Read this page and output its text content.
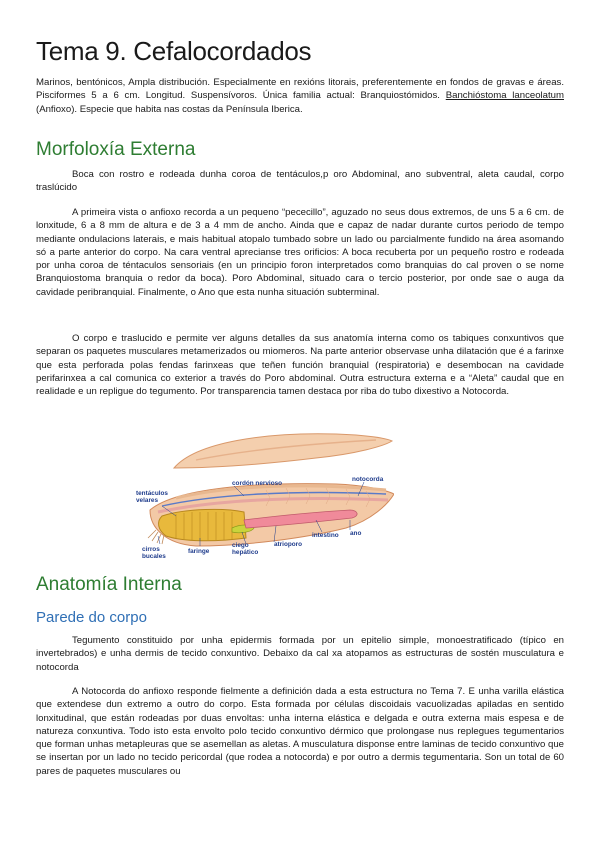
Tema 9. Cefalocordados

Marinos, bentónicos, Ampla distribución. Especialmente en rexións litorais, preferentemente en fondos de gravas e áreas. Pisciformes 5 a 6 cm. Longitud. Suspensívoros. Única familia actual: Branquiostómidos. Banchióstoma lanceolatum (Anfioxo). Especie que habita nas costas da Península Iberica.

Morfoloxía Externa

Boca con rostro e rodeada dunha coroa de tentáculos,p oro Abdominal, ano subventral, aleta caudal, corpo traslúcido

A primeira vista o anfioxo recorda a un pequeno “pececillo”, aguzado no seus dous extremos, de uns 5 a 6 cm. de lonxitude, 6 a 8 mm de altura e de 3 a 4 mm de ancho. Ainda que e capaz de nadar durante curtos periodo de tempo mediante ondulacions laterais, e mais habitual atopalo tumbado sobre un lado ou parcialmente fundido na área asomando só a parte anterior do corpo. Na cara ventral aprecianse tres orificios: A boca recuberta por un pequeño rostro e rodeada por unha coroa de téntaculos sensoriais (en un principio foron interpretados como branquias do cal proven o se nome Branquiostoma branquia o redor da boca). Poro Abdominal, situado cara o tercio posterior, por onde sae o auga da cavidade peribranquial. Finalmente, o Ano que esta nunha situación subterminal.

O corpo e traslucido e permite ver alguns detalles da sus anatomía interna como os tabiques conxuntivos que separan os paquetes musculares metamerizados ou miomeros. Na parte anterior observase unha dilatación que é a farinxe que esta perforada polas fendas farinxeas que teñen función branquial (respiratoria) e desembocan na cavidade perifarinxea a cal comunica co exterior a través do Poro abdominal. Outra estructura externa e a “Aleta” caudal que en realidade e un repligue do tegumento. Por transparencia tamen destaca por riba do tubo dixestivo a Notocorda.

Anatomía Interna
Parede do corpo

Tegumento constituido por unha epidermis formada por un epitelio simple, monoestratificado (típico en invertebrados) e unha dermis de tecido conxuntivo. Debaixo da cal xa atopamos as estructuras de sostén musculatura e notocorda

A Notocorda do anfioxo responde fielmente a definición dada a esta estructura no Tema 7. E unha varilla elástica que extendese dun extremo a outro do corpo. Esta formada por células discoidais vacuolizadas apiladas en sentido lonxitudinal, que están rodeadas por duas envoltas: unha interna elástica e delgada e outra externa mais espesa e de natureza conxuntiva. Todo isto esta envolto polo tecido conxuntivo dérmico que prolongase nus replegues tegumentarios que forman unhas metapleuras que se asemellan as aletas. A musculatura disponse entre laminas de tecido conxuntivo que se insertan por un lado no tecido pericordal (que rodea a notocorda) e por outro a dermis tegumentaria. Son un total de 60 pares de paquetes musculares ou

cordón nervioso
notocorda
tentáculos
velares
cirros
bucales
faringe
ciego
hepático
atrioporo
intestino ano
